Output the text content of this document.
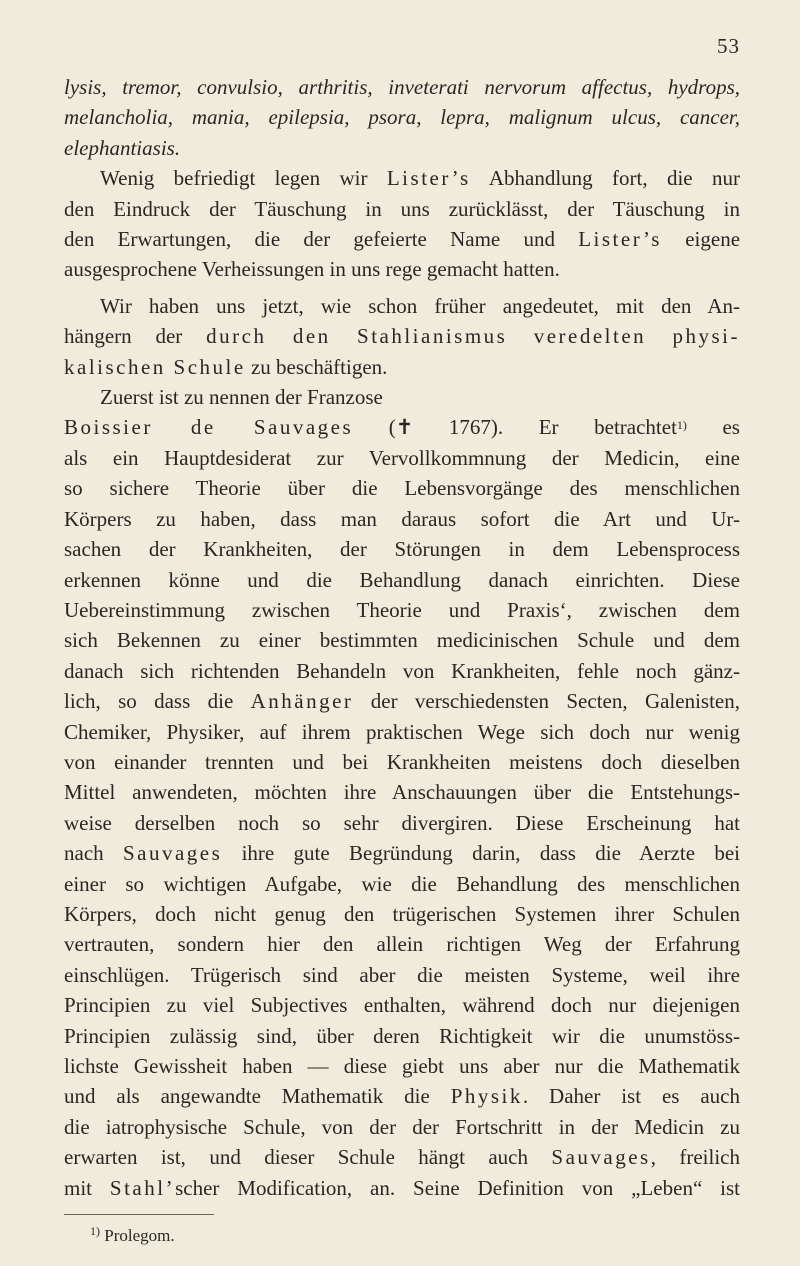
53

lysis, tremor, convulsio, arthritis, inveterati nervorum affectus, hydrops,
melancholia, mania, epilepsia, psora, lepra, malignum ulcus, cancer,
elephantiasis.

Wenig befriedigt legen wir Lister’s Abhandlung fort, die nur
den Eindruck der Täuschung in uns zurücklässt, der Täuschung in
den Erwartungen, die der gefeierte Name und Lister’s eigene
ausgesprochene Verheissungen in uns rege gemacht hatten.

Wir haben uns jetzt, wie schon früher angedeutet, mit den An-
hängern der durch den Stahlianismus veredelten physi-
kalischen Schule zu beschäftigen.

Zuerst ist zu nennen der Franzose
Boissier de Sauvages (✝ 1767). Er betrachtet$^{1)}$ es
als ein Hauptdesiderat zur Vervollkommnung der Medicin, eine
so sichere Theorie über die Lebensvorgänge des menschlichen
Körpers zu haben, dass man daraus sofort die Art und Ur-
sachen der Krankheiten, der Störungen in dem Lebensprocess
erkennen könne und die Behandlung danach einrichten. Diese
Uebereinstimmung zwischen Theorie und Praxis‘, zwischen dem
sich Bekennen zu einer bestimmten medicinischen Schule und dem
danach sich richtenden Behandeln von Krankheiten, fehle noch gänz-
lich, so dass die Anhänger der verschiedensten Secten, Galenisten,
Chemiker, Physiker, auf ihrem praktischen Wege sich doch nur wenig
von einander trennten und bei Krankheiten meistens doch dieselben
Mittel anwendeten, möchten ihre Anschauungen über die Entstehungs-
weise derselben noch so sehr divergiren. Diese Erscheinung hat
nach Sauvages ihre gute Begründung darin, dass die Aerzte bei
einer so wichtigen Aufgabe, wie die Behandlung des menschlichen
Körpers, doch nicht genug den trügerischen Systemen ihrer Schulen
vertrauten, sondern hier den allein richtigen Weg der Erfahrung
einschlügen. Trügerisch sind aber die meisten Systeme, weil ihre
Principien zu viel Subjectives enthalten, während doch nur diejenigen
Principien zulässig sind, über deren Richtigkeit wir die unumstöss-
lichste Gewissheit haben — diese giebt uns aber nur die Mathematik
und als angewandte Mathematik die Physik. Daher ist es auch
die iatrophysische Schule, von der der Fortschritt in der Medicin zu
erwarten ist, und dieser Schule hängt auch Sauvages, freilich
mit Stahl’scher Modification, an. Seine Definition von „Leben“ ist

$^{1)}$ Prolegom.
